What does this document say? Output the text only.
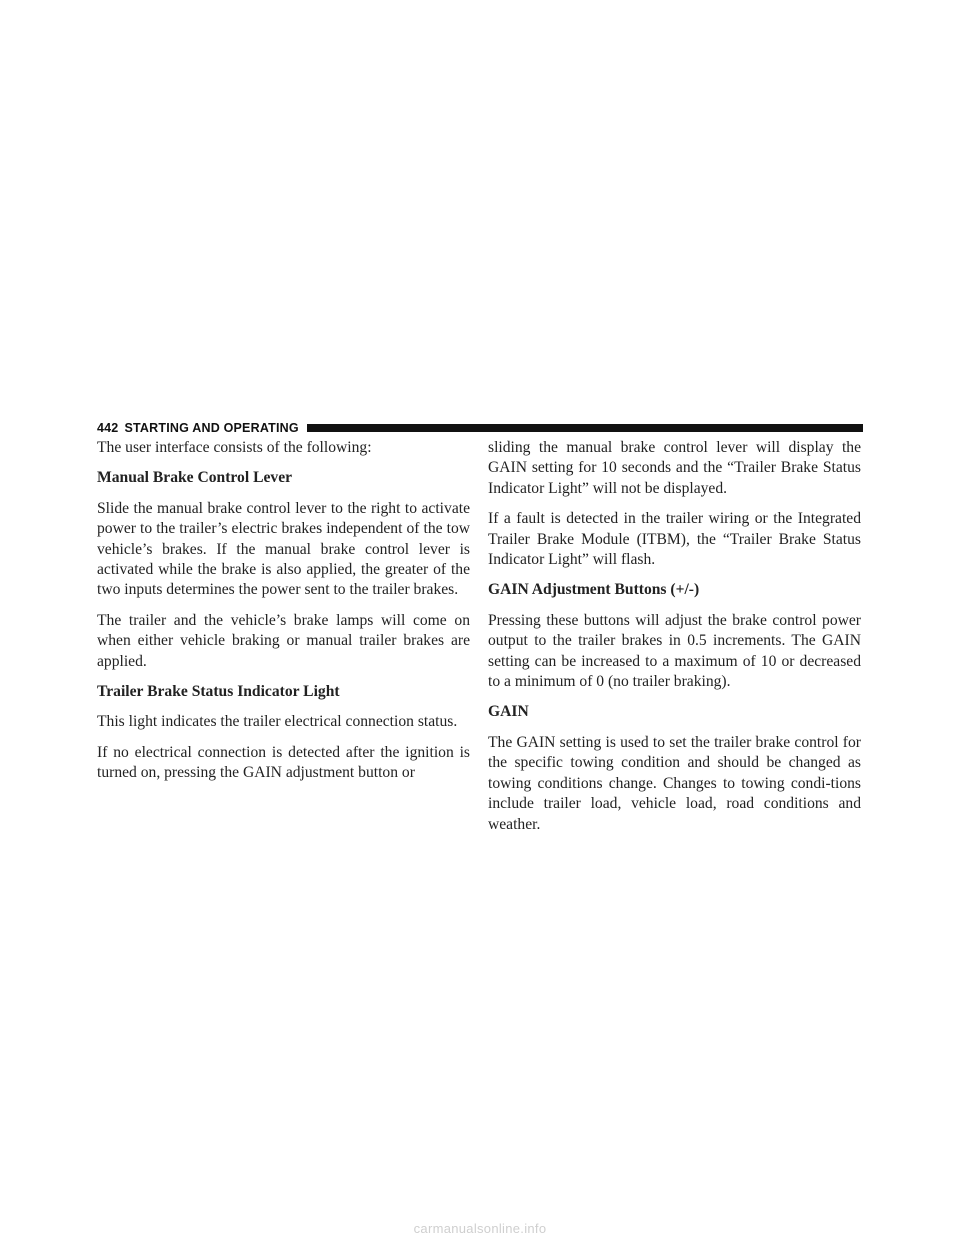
442 STARTING AND OPERATING

The user interface consists of the following:

Manual Brake Control Lever

Slide the manual brake control lever to the right to activate power to the trailer’s electric brakes independent of the tow vehicle’s brakes. If the manual brake control lever is activated while the brake is also applied, the greater of the two inputs determines the power sent to the trailer brakes.

The trailer and the vehicle’s brake lamps will come on when either vehicle braking or manual trailer brakes are applied.

Trailer Brake Status Indicator Light

This light indicates the trailer electrical connection status.

If no electrical connection is detected after the ignition is turned on, pressing the GAIN adjustment button or

sliding the manual brake control lever will display the GAIN setting for 10 seconds and the “Trailer Brake Status Indicator Light” will not be displayed.

If a fault is detected in the trailer wiring or the Integrated Trailer Brake Module (ITBM), the “Trailer Brake Status Indicator Light” will flash.

GAIN Adjustment Buttons (+/-)

Pressing these buttons will adjust the brake control power output to the trailer brakes in 0.5 increments. The GAIN setting can be increased to a maximum of 10 or decreased to a minimum of 0 (no trailer braking).

GAIN

The GAIN setting is used to set the trailer brake control for the specific towing condition and should be changed as towing conditions change. Changes to towing condi-tions include trailer load, vehicle load, road conditions and weather.

carmanualsonline.info
